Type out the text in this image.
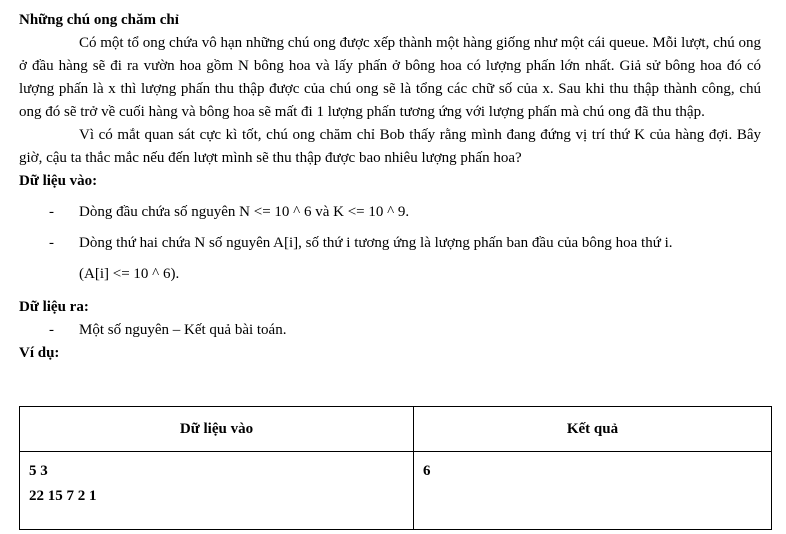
Những chú ong chăm chỉ

Có một tổ ong chứa vô hạn những chú ong được xếp thành một hàng giống như một cái queue. Mỗi lượt, chú ong ở đầu hàng sẽ đi ra vườn hoa gồm N bông hoa và lấy phấn ở bông hoa có lượng phấn lớn nhất. Giả sử bông hoa đó có lượng phấn là x thì lượng phấn thu thập được của chú ong sẽ là tổng các chữ số của x. Sau khi thu thập thành công, chú ong đó sẽ trở về cuối hàng và bông hoa sẽ mất đi 1 lượng phấn tương ứng với lượng phấn mà chú ong đã thu thập.

Vì có mắt quan sát cực kì tốt, chú ong chăm chỉ Bob thấy rằng mình đang đứng vị trí thứ K của hàng đợi. Bây giờ, cậu ta thắc mắc nếu đến lượt mình sẽ thu thập được bao nhiêu lượng phấn hoa?

Dữ liệu vào:

- Dòng đầu chứa số nguyên N <= 10 ^ 6 và K <= 10 ^ 9.

- Dòng thứ hai chứa N số nguyên A[i], số thứ i tương ứng là lượng phấn ban đầu của bông hoa thứ i.

(A[i] <= 10 ^ 6).

Dữ liệu ra:

- Một số nguyên – Kết quả bài toán.

Ví dụ:

Dữ liệu vào	Kết quả

5 3
22 15 7 2 1	6
